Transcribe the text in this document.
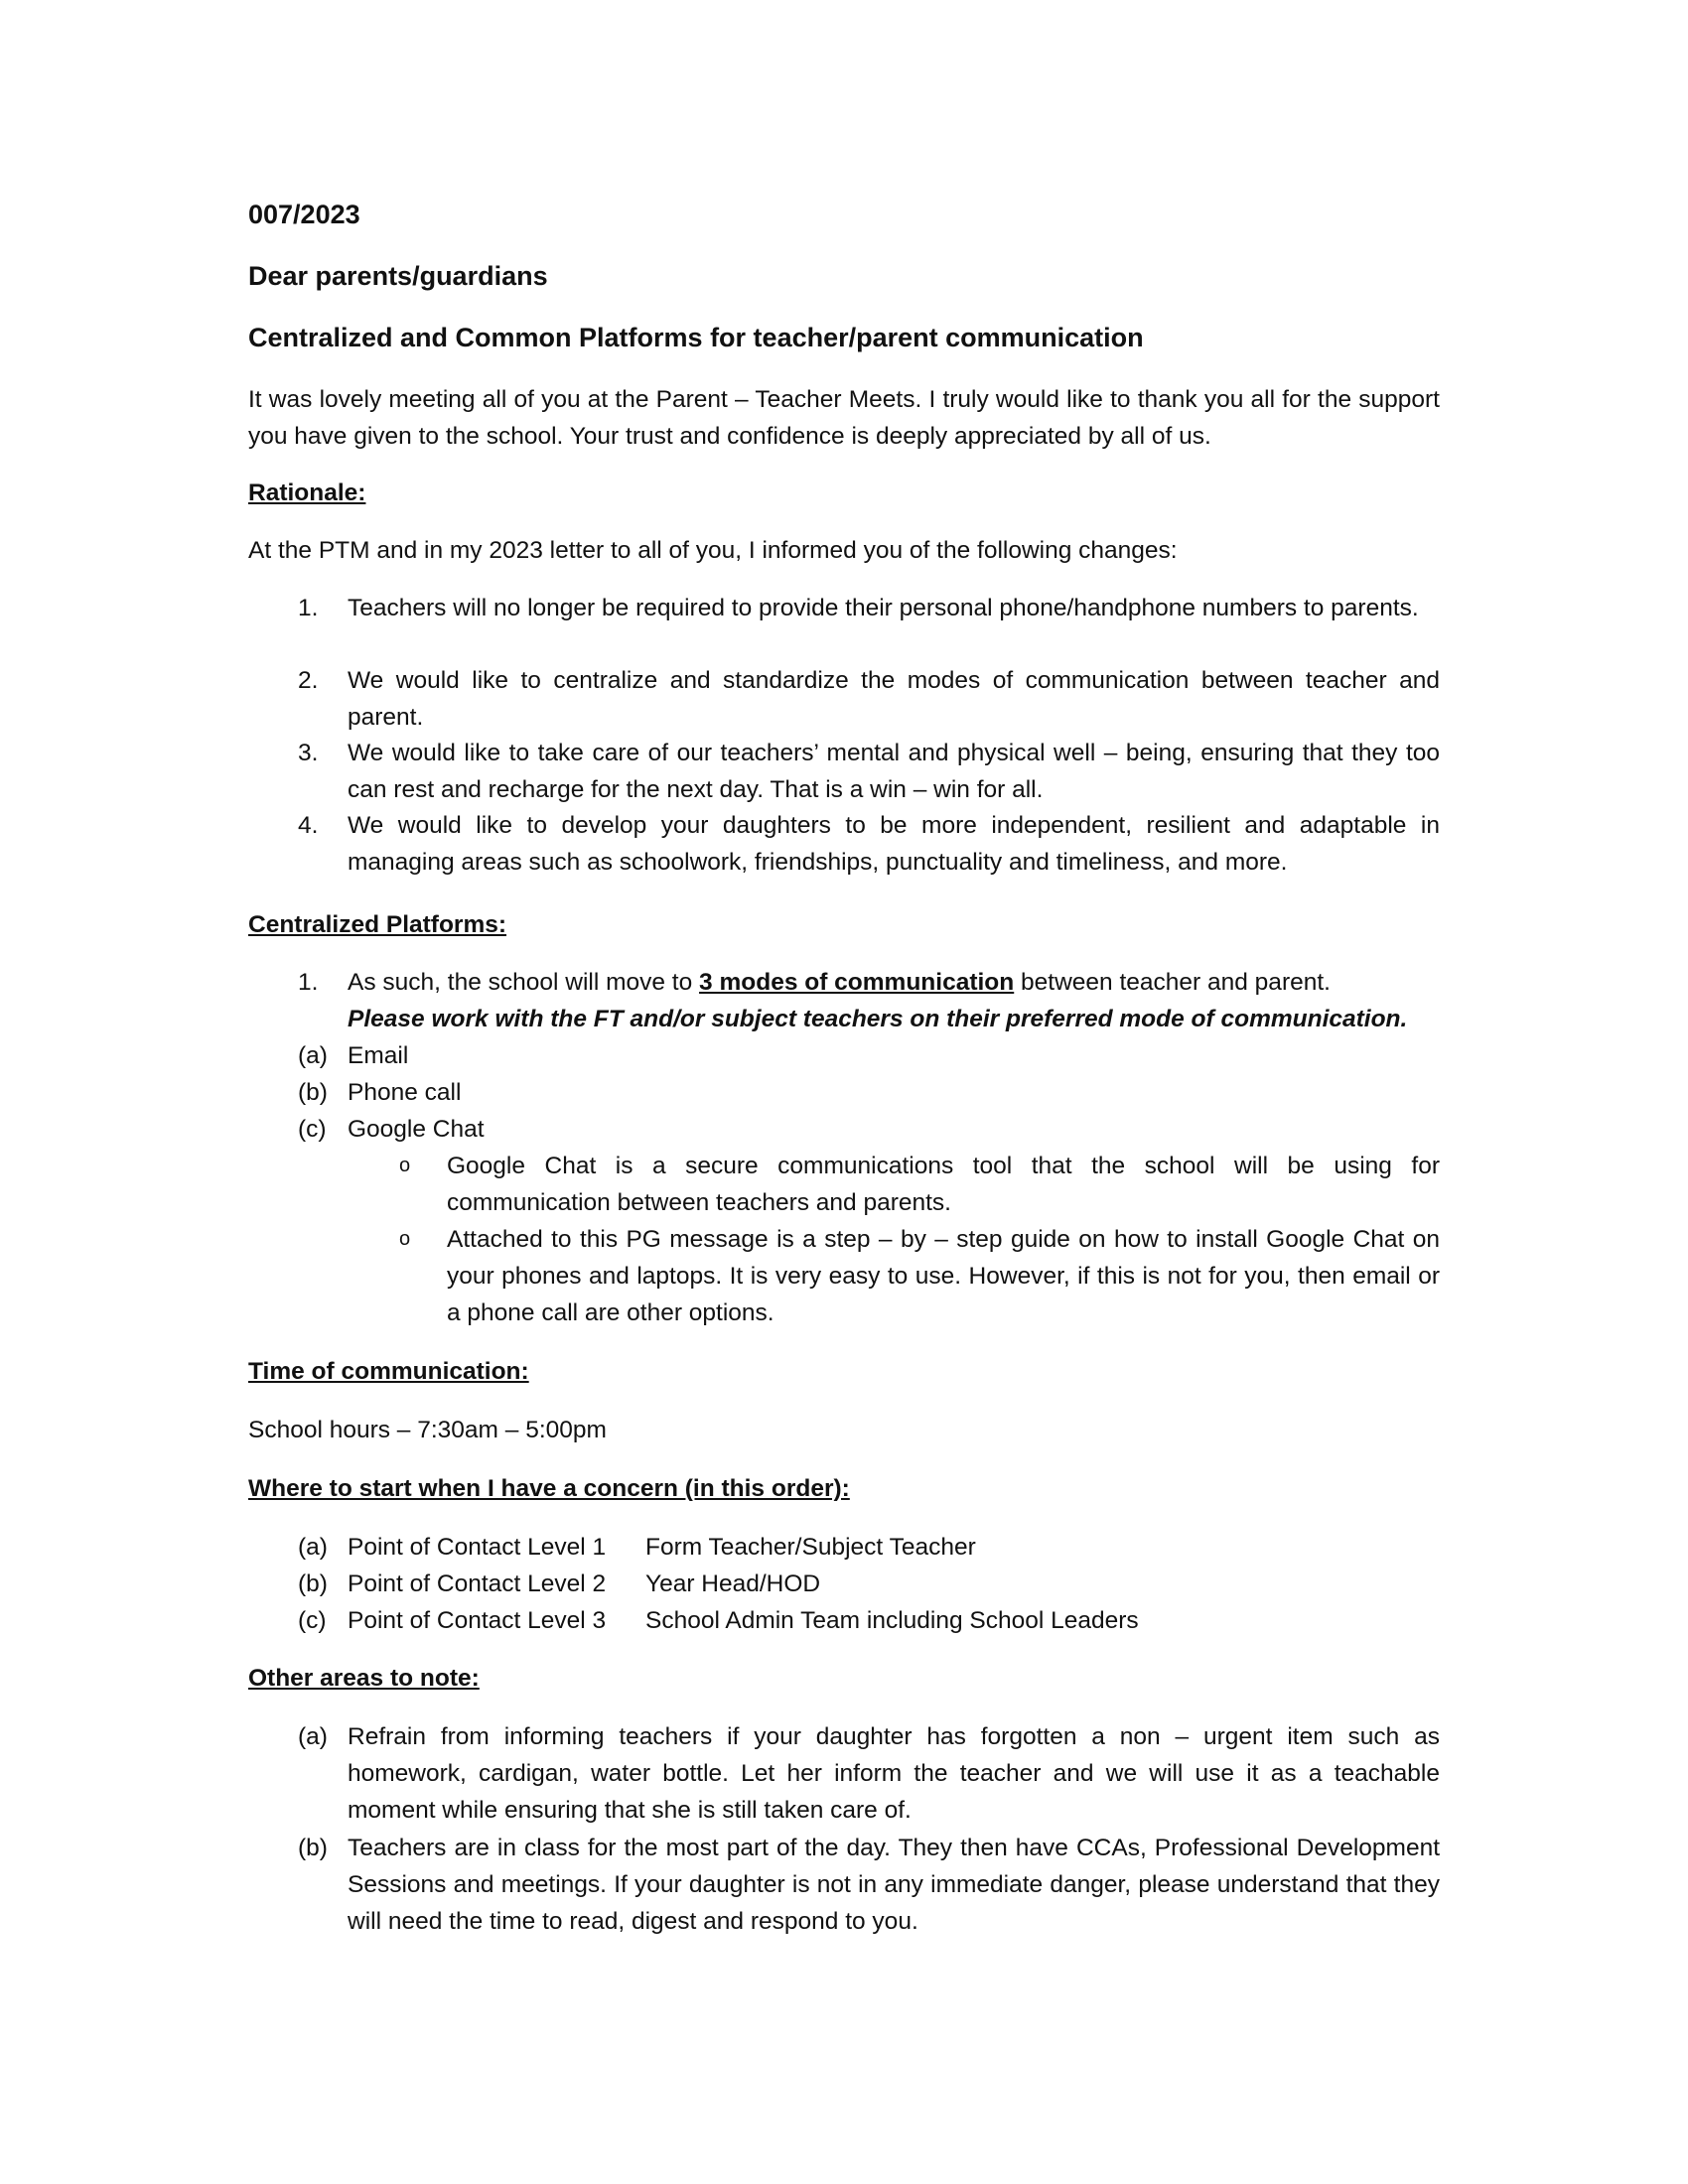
007/2023
Dear parents/guardians
Centralized and Common Platforms for teacher/parent communication
It was lovely meeting all of you at the Parent – Teacher Meets. I truly would like to thank you all for the support you have given to the school. Your trust and confidence is deeply appreciated by all of us.
Rationale:
At the PTM and in my 2023 letter to all of you, I informed you of the following changes:
1.	Teachers will no longer be required to provide their personal phone/handphone numbers to parents.
2.	We would like to centralize and standardize the modes of communication between teacher and parent.
3.	We would like to take care of our teachers’ mental and physical well – being, ensuring that they too can rest and recharge for the next day. That is a win – win for all.
4.	We would like to develop your daughters to be more independent, resilient and adaptable in managing areas such as schoolwork, friendships, punctuality and timeliness, and more.
Centralized Platforms:
1.	As such, the school will move to 3 modes of communication between teacher and parent.
Please work with the FT and/or subject teachers on their preferred mode of communication.
(a) Email
(b) Phone call
(c) Google Chat
o	Google Chat is a secure communications tool that the school will be using for communication between teachers and parents.
o	Attached to this PG message is a step – by – step guide on how to install Google Chat on your phones and laptops. It is very easy to use. However, if this is not for you, then email or a phone call are other options.
Time of communication:
School hours – 7:30am – 5:00pm
Where to start when I have a concern (in this order):
(a) Point of Contact Level 1 Form Teacher/Subject Teacher
(b) Point of Contact Level 2 Year Head/HOD
(c) Point of Contact Level 3 School Admin Team including School Leaders
Other areas to note:
(a) Refrain from informing teachers if your daughter has forgotten a non – urgent item such as homework, cardigan, water bottle. Let her inform the teacher and we will use it as a teachable moment while ensuring that she is still taken care of.
(b) Teachers are in class for the most part of the day. They then have CCAs, Professional Development Sessions and meetings. If your daughter is not in any immediate danger, please understand that they will need the time to read, digest and respond to you.
